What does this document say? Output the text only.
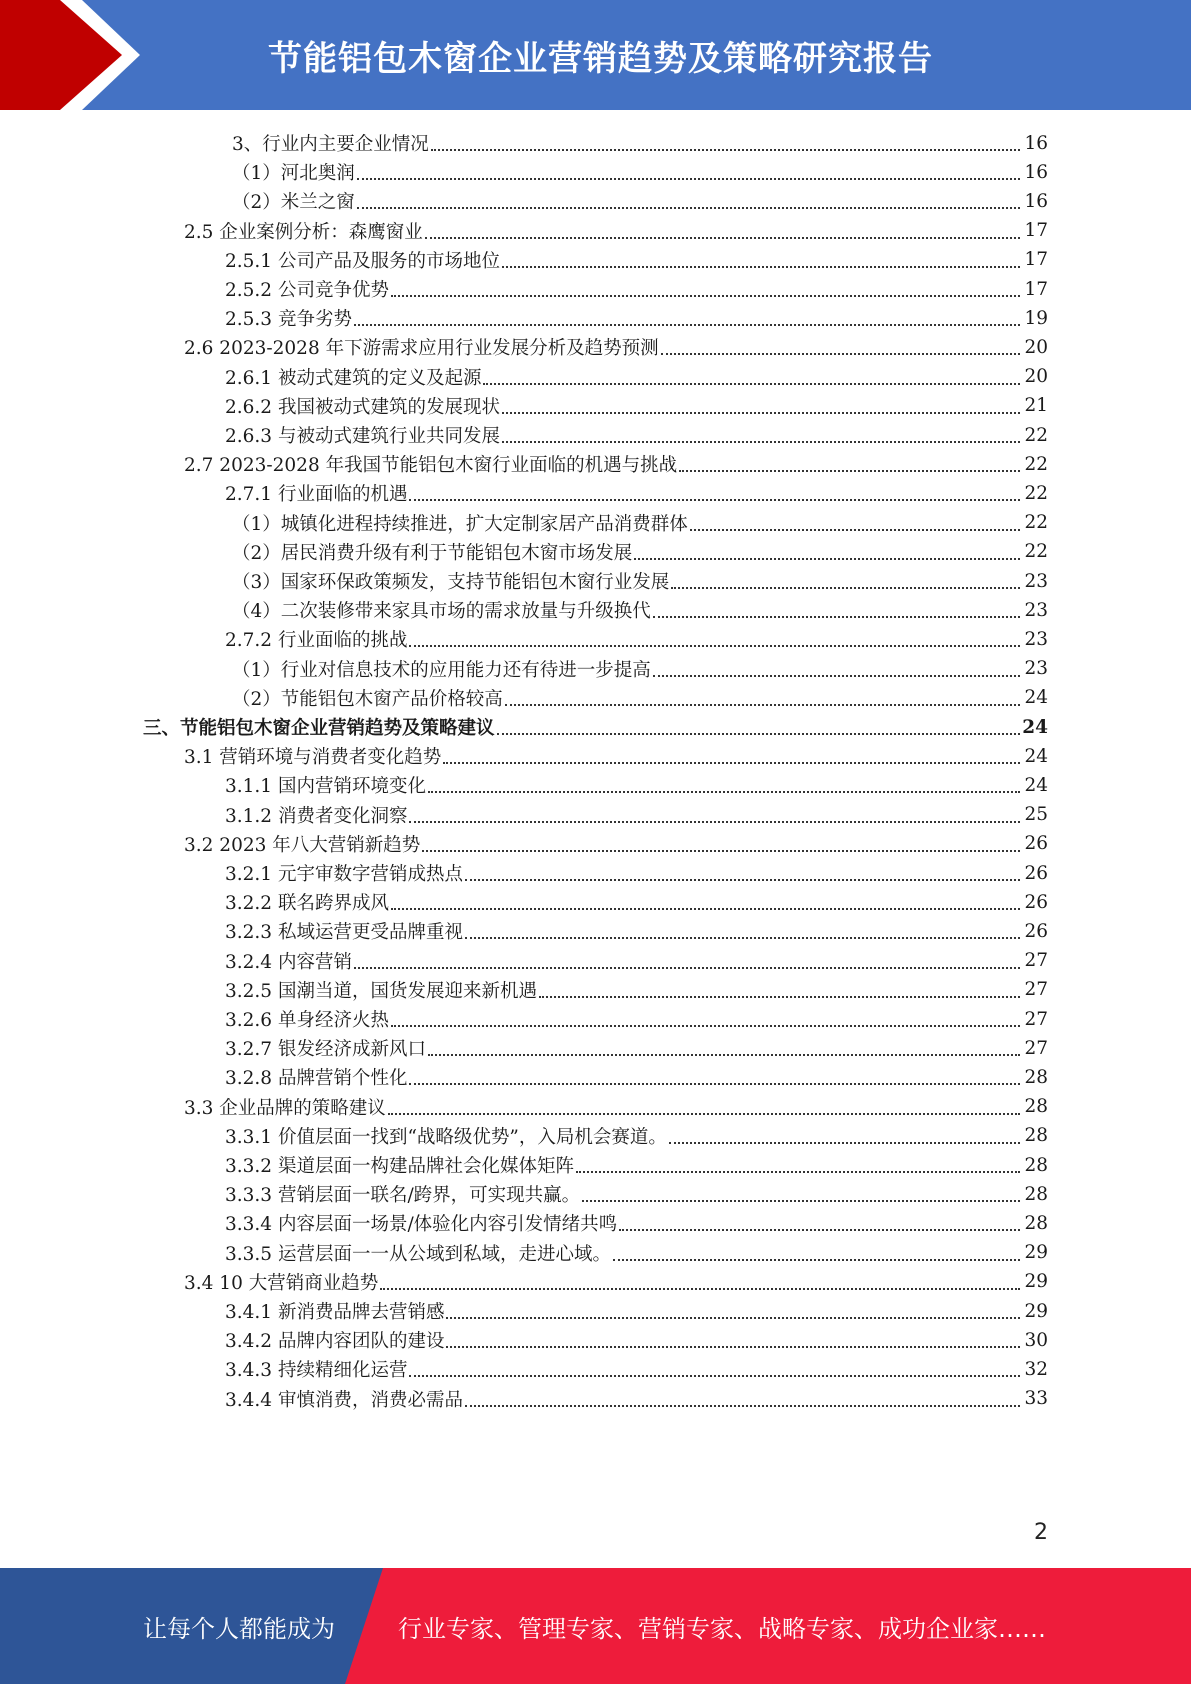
节能铝包木窗企业营销趋势及策略研究报告
3、行业内主要企业情况	16
（1）河北奥润	16
（2）米兰之窗	16
2.5 企业案例分析：森鹰窗业	17
2.5.1 公司产品及服务的市场地位	17
2.5.2 公司竞争优势	17
2.5.3 竞争劣势	19
2.6 2023-2028 年下游需求应用行业发展分析及趋势预测	20
2.6.1 被动式建筑的定义及起源	20
2.6.2 我国被动式建筑的发展现状	21
2.6.3 与被动式建筑行业共同发展	22
2.7 2023-2028 年我国节能铝包木窗行业面临的机遇与挑战	22
2.7.1 行业面临的机遇	22
（1）城镇化进程持续推进，扩大定制家居产品消费群体	22
（2）居民消费升级有利于节能铝包木窗市场发展	22
（3）国家环保政策频发，支持节能铝包木窗行业发展	23
（4）二次装修带来家具市场的需求放量与升级换代	23
2.7.2 行业面临的挑战	23
（1）行业对信息技术的应用能力还有待进一步提高	23
（2）节能铝包木窗产品价格较高	24
三、节能铝包木窗企业营销趋势及策略建议	24
3.1 营销环境与消费者变化趋势	24
3.1.1 国内营销环境变化	24
3.1.2 消费者变化洞察	25
3.2 2023 年八大营销新趋势	26
3.2.1 元宇审数字营销成热点	26
3.2.2 联名跨界成风	26
3.2.3 私域运营更受品牌重视	26
3.2.4 内容营销	27
3.2.5 国潮当道，国货发展迎来新机遇	27
3.2.6 单身经济火热	27
3.2.7 银发经济成新风口	27
3.2.8 品牌营销个性化	28
3.3 企业品牌的策略建议	28
3.3.1 价值层面一找到“战略级优势”，入局机会赛道。	28
3.3.2 渠道层面一构建品牌社会化媒体矩阵	28
3.3.3 营销层面一联名/跨界，可实现共赢。	28
3.3.4 内容层面一场景/体验化内容引发情绪共鸣	28
3.3.5 运营层面一一从公域到私域，走进心域。	29
3.4 10 大营销商业趋势	29
3.4.1 新消费品牌去营销感	29
3.4.2 品牌内容团队的建设	30
3.4.3 持续精细化运营	32
3.4.4 审慎消费，消费必需品	33
2
让每个人都能成为	行业专家、管理专家、营销专家、战略专家、成功企业家……
